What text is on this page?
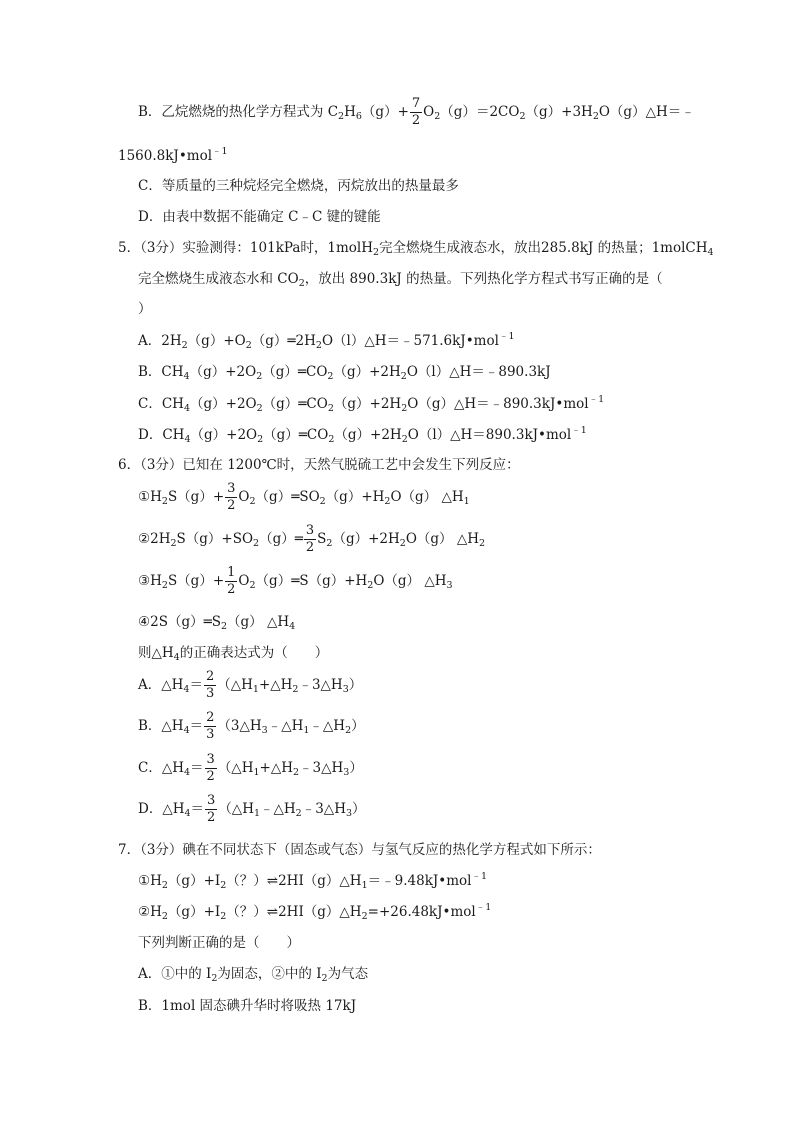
B．乙烷燃烧的热化学方程式为 $C_2H_6(g)+ \frac{7}{2}$ $O_2(g)=2CO_2(g)+3H_2O(g)\triangle H=﹣$
1560.8kJ•mol$^{﹣1}$
C．等质量的三种烷烃完全燃烧，丙烷放出的热量最多
D．由表中数据不能确定 C﹣C 键的键能
5．（3分）实验测得：101kPa时，1molH$_2$完全燃烧生成液态水，放出285.8kJ 的热量；1molCH$_4$
完全燃烧生成液态水和 $CO_2$，放出 890.3kJ 的热量。下列热化学方程式书写正确的是（
）
A．$2H_2(g)+O_2(g)═2H_2O(l)\triangle H=﹣571.6kJ•mol^{﹣1}$
B．$CH_4(g)+2O_2(g)═CO_2(g)+2H_2O(l)\triangle H=﹣890.3kJ$
C．$CH_4(g)+2O_2(g)═CO_2(g)+2H_2O(g)\triangle H=﹣890.3kJ•mol^{﹣1}$
D．$CH_4(g)+2O_2(g)═CO_2(g)+2H_2O(l)\triangle H=890.3kJ•mol^{﹣1}$
6．（3分）已知在 1200℃时，天然气脱硫工艺中会发生下列反应：
$①H_2S(g)+ \frac{3}{2}$ $O_2(g)═SO_2(g)+H_2O(g)$ $\triangle H_1$
$②2H_2S(g)+SO_2(g)═ \frac{3}{2} S_2(g)+2H_2O(g)$ $\triangle H_2$
$③H_2S(g)+ \frac{1}{2}$ $O_2(g)═S(g)+H_2O(g)$ $\triangle H_3$
$④2S(g)═S_2(g)$ $\triangle H_4$
则$\triangle H_4$的正确表达式为（　　）
A．$\triangle H_4= \frac{2}{3}$ $(\triangle H_1+\triangle H_2﹣3\triangle H_3)$
B．$\triangle H_4= \frac{2}{3}$ $(3\triangle H_3﹣\triangle H_1﹣\triangle H_2)$
C．$\triangle H_4= \frac{3}{2}$ $(\triangle H_1+\triangle H_2﹣3\triangle H_3)$
D．$\triangle H_4= \frac{3}{2}$ $(\triangle H_1﹣\triangle H_2﹣3\triangle H_3)$
7．（3分）碘在不同状态下（固态或气态）与氢气反应的热化学方程式如下所示：
$①H_2(g)+I_2$（？）$\rightleftharpoons 2HI(g)\triangle H_1=﹣9.48kJ•mol^{﹣1}$
$②H_2(g)+I_2$（？）$\rightleftharpoons 2HI(g)\triangle H_2=+26.48kJ•mol^{﹣1}$
下列判断正确的是（　　）
A．①中的 $I_2$为固态，②中的 $I_2$为气态
B．1mol 固态碘升华时将吸热 17kJ
